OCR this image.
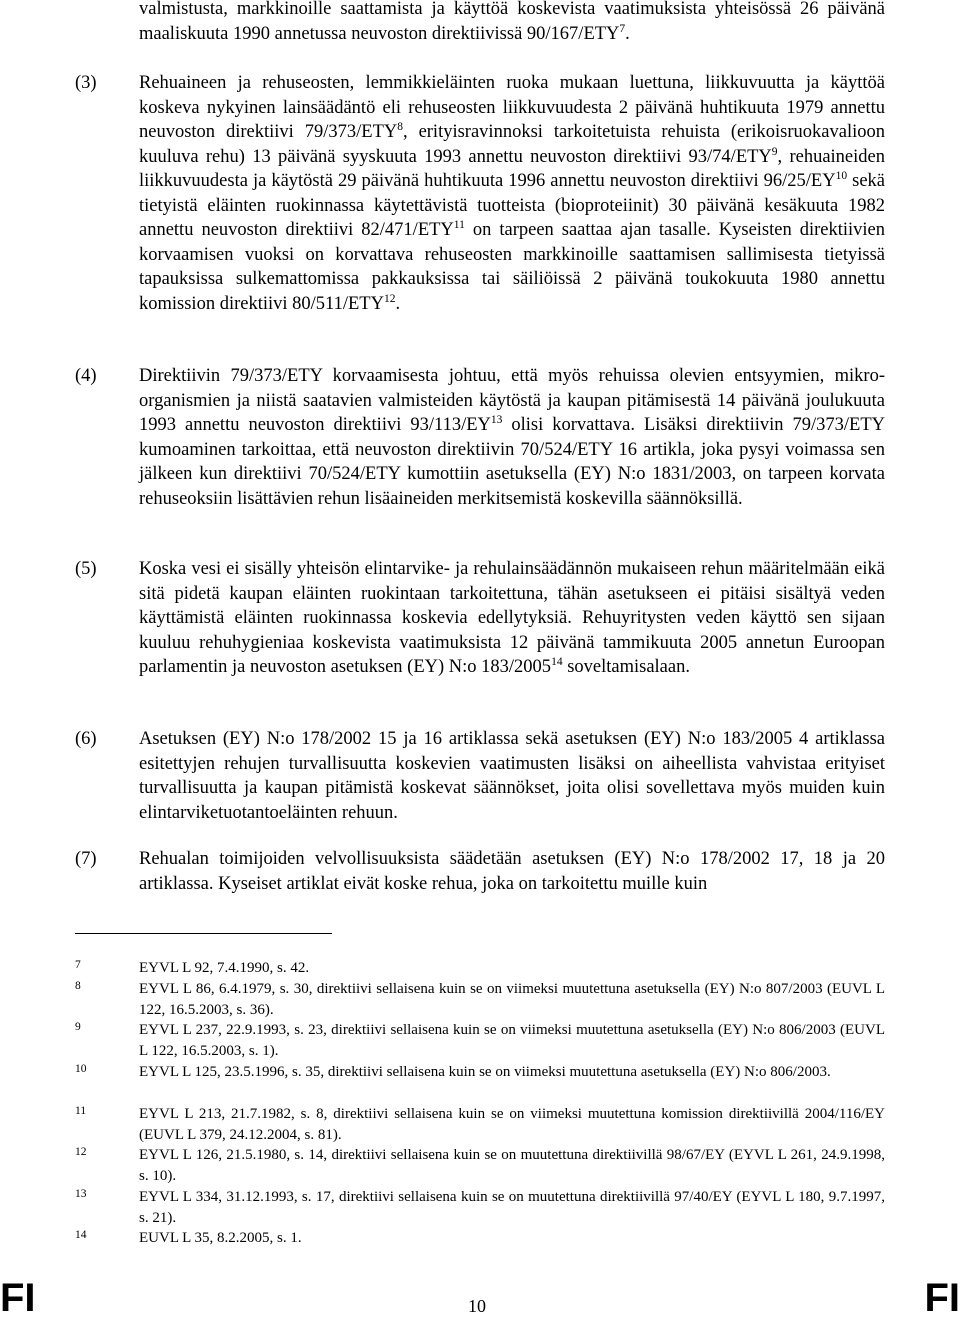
valmistusta, markkinoille saattamista ja käyttöä koskevista vaatimuksista yhteisössä 26 päivänä maaliskuuta 1990 annetussa neuvoston direktiivissä 90/167/ETY$^7$.
(3) Rehuaineen ja rehuseosten, lemmikkieläinten ruoka mukaan luettuna, liikkuvuutta ja käyttöä koskeva nykyinen lainsäädäntö eli rehuseosten liikkuvuudesta 2 päivänä huhtikuuta 1979 annettu neuvoston direktiivi 79/373/ETY$^8$, erityisravinnoksi tarkoitetuista rehuista (erikoisruokavalioon kuuluva rehu) 13 päivänä syyskuuta 1993 annettu neuvoston direktiivi 93/74/ETY$^9$, rehuaineiden liikkuvuudesta ja käytöstä 29 päivänä huhtikuuta 1996 annettu neuvoston direktiivi 96/25/EY$^{10}$ sekä tietyistä eläinten ruokinnassa käytettävistä tuotteista (bioproteiinit) 30 päivänä kesäkuuta 1982 annettu neuvoston direktiivi 82/471/ETY$^{11}$ on tarpeen saattaa ajan tasalle. Kyseisten direktiivien korvaamisen vuoksi on korvattava rehuseosten markkinoille saattamisen sallimisesta tietyissä tapauksissa sulkemattomissa pakkauksissa tai säiliöissä 2 päivänä toukokuuta 1980 annettu komission direktiivi 80/511/ETY$^{12}$.
(4) Direktiivin 79/373/ETY korvaamisesta johtuu, että myös rehuissa olevien entsyymien, mikro-organismien ja niistä saatavien valmisteiden käytöstä ja kaupan pitämisestä 14 päivänä joulukuuta 1993 annettu neuvoston direktiivi 93/113/EY$^{13}$ olisi korvattava. Lisäksi direktiivin 79/373/ETY kumoaminen tarkoittaa, että neuvoston direktiivin 70/524/ETY 16 artikla, joka pysyi voimassa sen jälkeen kun direktiivi 70/524/ETY kumottiin asetuksella (EY) N:o 1831/2003, on tarpeen korvata rehuseoksiin lisättävien rehun lisäaineiden merkitsemistä koskevilla säännöksillä.
(5) Koska vesi ei sisälly yhteisön elintarvike- ja rehulainsäädännön mukaiseen rehun määritelmään eikä sitä pidetä kaupan eläinten ruokintaan tarkoitettuna, tähän asetukseen ei pitäisi sisältyä veden käyttämistä eläinten ruokinnassa koskevia edellytyksiä. Rehuyritysten veden käyttö sen sijaan kuuluu rehuhygieniaa koskevista vaatimuksista 12 päivänä tammikuuta 2005 annetun Euroopan parlamentin ja neuvoston asetuksen (EY) N:o 183/2005$^{14}$ soveltamisalaan.
(6) Asetuksen (EY) N:o 178/2002 15 ja 16 artiklassa sekä asetuksen (EY) N:o 183/2005 4 artiklassa esitettyjen rehujen turvallisuutta koskevien vaatimusten lisäksi on aiheellista vahvistaa erityiset turvallisuutta ja kaupan pitämistä koskevat säännökset, joita olisi sovellettava myös muiden kuin elintarviketuotantoeläinten rehuun.
(7) Rehualan toimijoiden velvollisuuksista säädetään asetuksen (EY) N:o 178/2002 17, 18 ja 20 artiklassa. Kyseiset artiklat eivät koske rehua, joka on tarkoitettu muille kuin
7	EYVL L 92, 7.4.1990, s. 42.
8	EYVL L 86, 6.4.1979, s. 30, direktiivi sellaisena kuin se on viimeksi muutettuna asetuksella (EY) N:o 807/2003 (EUVL L 122, 16.5.2003, s. 36).
9	EYVL L 237, 22.9.1993, s. 23, direktiivi sellaisena kuin se on viimeksi muutettuna asetuksella (EY) N:o 806/2003 (EUVL L 122, 16.5.2003, s. 1).
10	EYVL L 125, 23.5.1996, s. 35, direktiivi sellaisena kuin se on viimeksi muutettuna asetuksella (EY) N:o 806/2003.
11	EYVL L 213, 21.7.1982, s. 8, direktiivi sellaisena kuin se on viimeksi muutettuna komission direktiivillä 2004/116/EY (EUVL L 379, 24.12.2004, s. 81).
12	EYVL L 126, 21.5.1980, s. 14, direktiivi sellaisena kuin se on muutettuna direktiivillä 98/67/EY (EYVL L 261, 24.9.1998, s. 10).
13	EYVL L 334, 31.12.1993, s. 17, direktiivi sellaisena kuin se on muutettuna direktiivillä 97/40/EY (EYVL L 180, 9.7.1997, s. 21).
14	EUVL L 35, 8.2.2005, s. 1.
FI	10	FI
